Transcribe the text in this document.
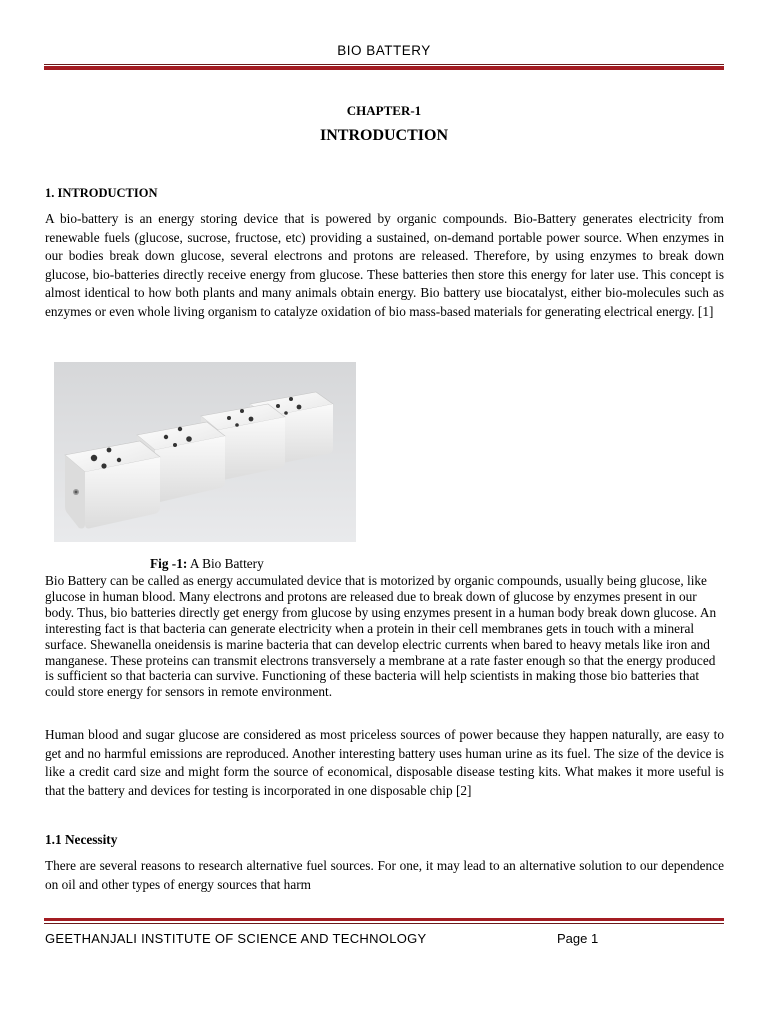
BIO BATTERY
CHAPTER-1
INTRODUCTION
1. INTRODUCTION
A bio-battery is an energy storing device that is powered by organic compounds. Bio-Battery generates electricity from renewable fuels (glucose, sucrose, fructose, etc) providing a sustained, on-demand portable power source. When enzymes in our bodies break down glucose, several electrons and protons are released. Therefore, by using enzymes to break down glucose, bio-batteries directly receive energy from glucose. These batteries then store this energy for later use. This concept is almost identical to how both plants and many animals obtain energy. Bio battery use biocatalyst, either bio-molecules such as enzymes or even whole living organism to catalyze oxidation of bio mass-based materials for generating electrical energy. [1]
Fig -1: A Bio Battery
Bio Battery can be called as energy accumulated device that is motorized by organic compounds, usually being glucose, like glucose in human blood. Many electrons and protons are released due to break down of glucose by enzymes present in our body. Thus, bio batteries directly get energy from glucose by using enzymes present in a human body break down glucose. An interesting fact is that bacteria can generate electricity when a protein in their cell membranes gets in touch with a mineral surface. Shewanella oneidensis is marine bacteria that can develop electric currents when bared to heavy metals like iron and manganese. These proteins can transmit electrons transversely a membrane at a rate faster enough so that the energy produced is sufficient so that bacteria can survive. Functioning of these bacteria will help scientists in making those bio batteries that could store energy for sensors in remote environment.
Human blood and sugar glucose are considered as most priceless sources of power because they happen naturally, are easy to get and no harmful emissions are reproduced. Another interesting battery uses human urine as its fuel. The size of the device is like a credit card size and might form the source of economical, disposable disease testing kits. What makes it more useful is that the battery and devices for testing is incorporated in one disposable chip [2]
1.1 Necessity
There are several reasons to research alternative fuel sources. For one, it may lead to an alternative solution to our dependence on oil and other types of energy sources that harm
GEETHANJALI INSTITUTE OF SCIENCE AND TECHNOLOGY	Page 1
